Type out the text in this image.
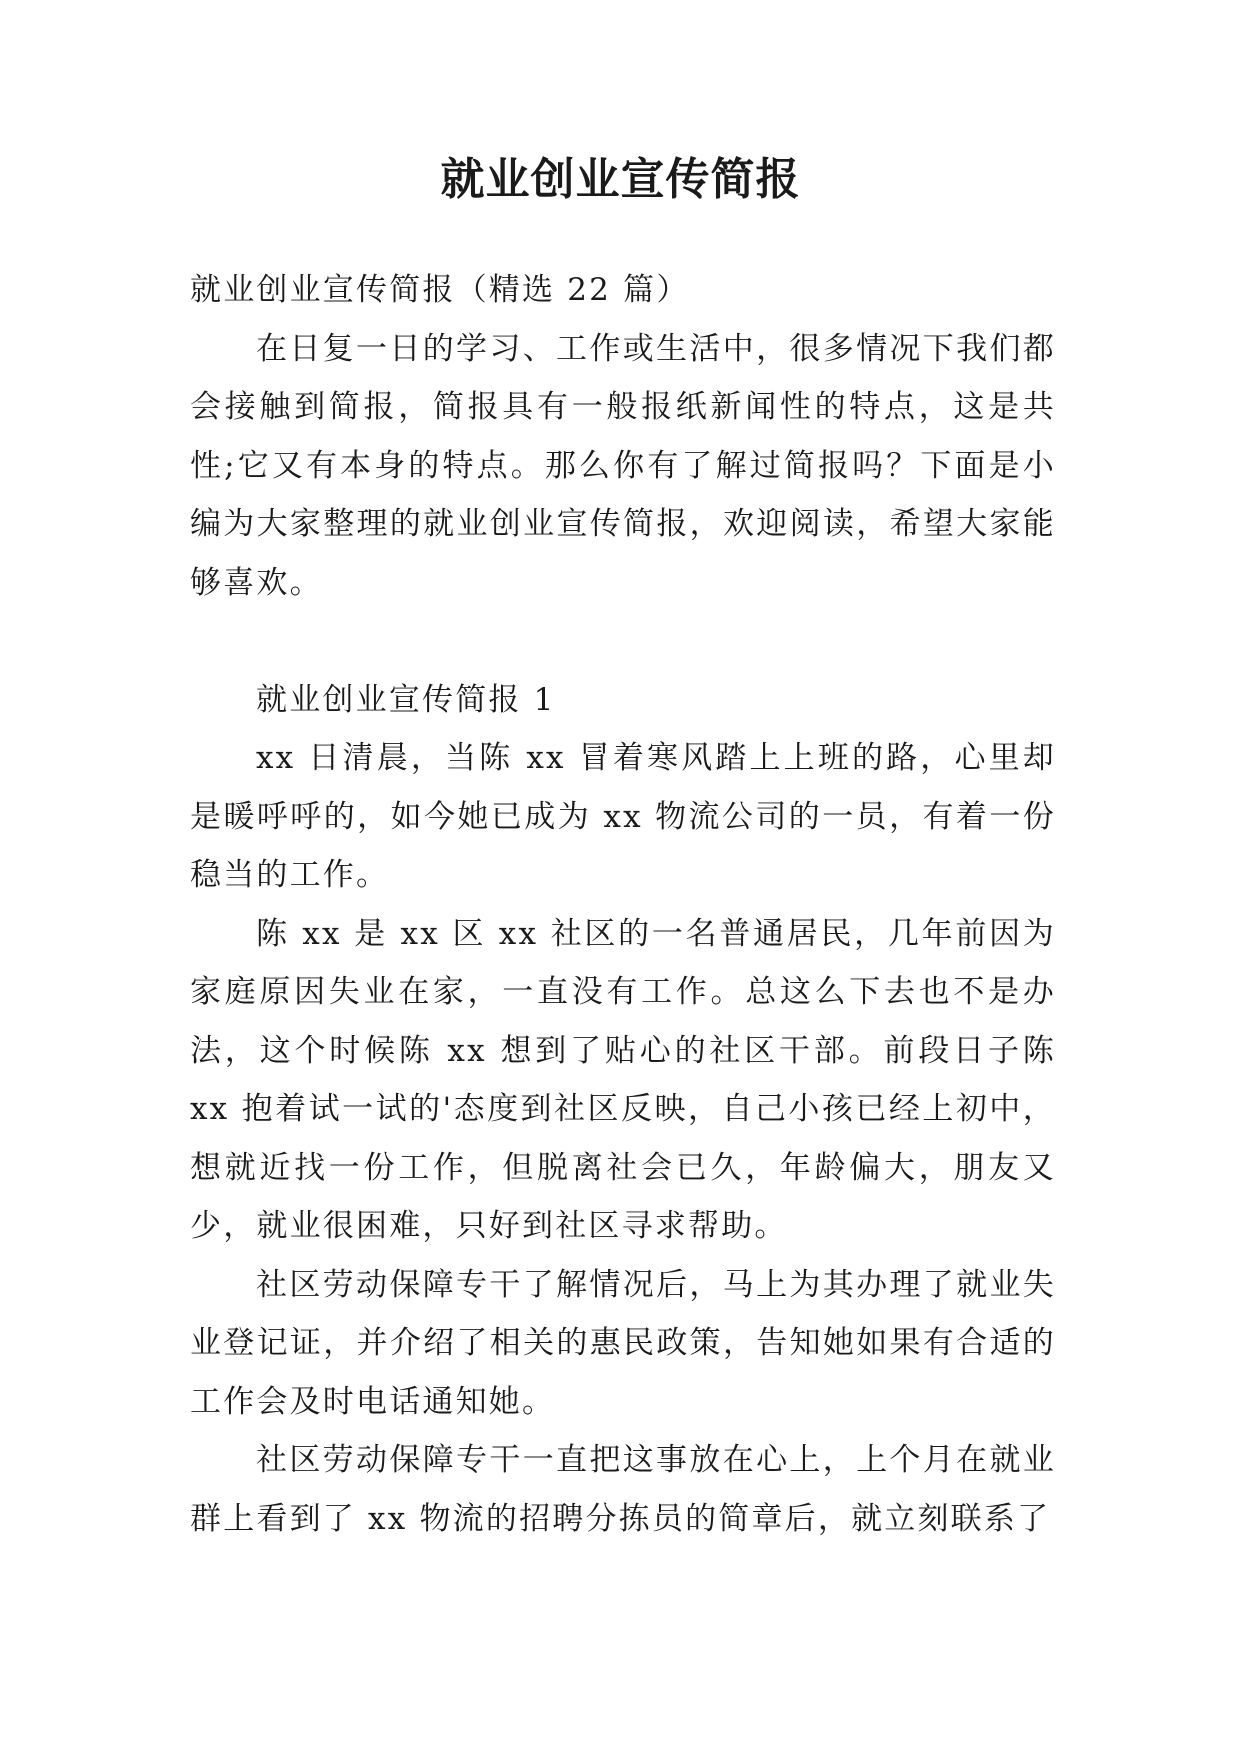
就业创业宣传简报

就业创业宣传简报（精选 22 篇）

在日复一日的学习、工作或生活中，很多情况下我们都会接触到简报，简报具有一般报纸新闻性的特点，这是共性;它又有本身的特点。那么你有了解过简报吗？下面是小编为大家整理的就业创业宣传简报，欢迎阅读，希望大家能够喜欢。

就业创业宣传简报 1

xx 日清晨，当陈 xx 冒着寒风踏上上班的路，心里却是暖呼呼的，如今她已成为 xx 物流公司的一员，有着一份稳当的工作。

陈 xx 是 xx 区 xx 社区的一名普通居民，几年前因为家庭原因失业在家，一直没有工作。总这么下去也不是办法，这个时候陈 xx 想到了贴心的社区干部。前段日子陈 xx 抱着试一试的'态度到社区反映，自己小孩已经上初中，想就近找一份工作，但脱离社会已久，年龄偏大，朋友又少，就业很困难，只好到社区寻求帮助。

社区劳动保障专干了解情况后，马上为其办理了就业失业登记证，并介绍了相关的惠民政策，告知她如果有合适的工作会及时电话通知她。

社区劳动保障专干一直把这事放在心上，上个月在就业群上看到了 xx 物流的招聘分拣员的简章后，就立刻联系了
